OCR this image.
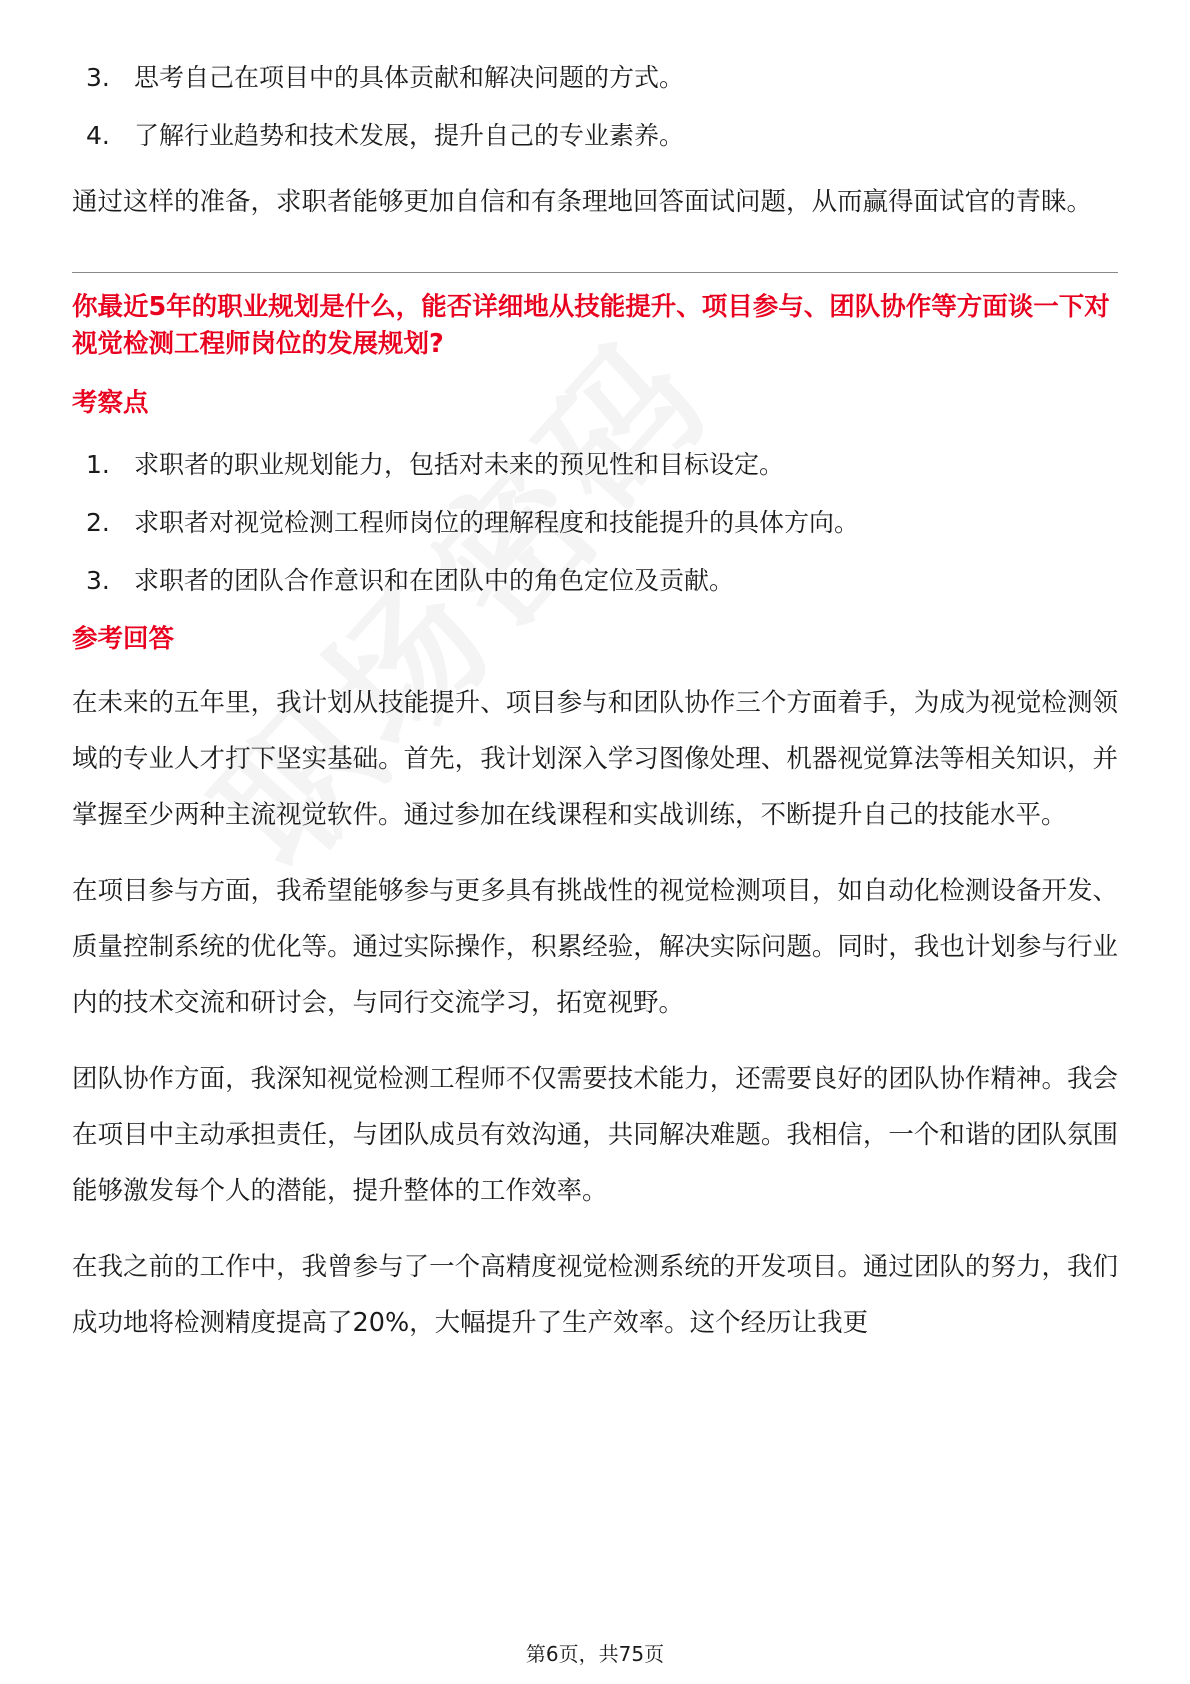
3. 思考自己在项目中的具体贡献和解决问题的方式。
4. 了解行业趋势和技术发展，提升自己的专业素养。

通过这样的准备，求职者能够更加自信和有条理地回答面试问题，从而赢得面试官的青睐。

你最近5年的职业规划是什么，能否详细地从技能提升、项目参与、团队协作等方面谈一下对视觉检测工程师岗位的发展规划?

考察点

1. 求职者的职业规划能力，包括对未来的预见性和目标设定。
2. 求职者对视觉检测工程师岗位的理解程度和技能提升的具体方向。
3. 求职者的团队合作意识和在团队中的角色定位及贡献。

参考回答

在未来的五年里，我计划从技能提升、项目参与和团队协作三个方面着手，为成为视觉检测领域的专业人才打下坚实基础。首先，我计划深入学习图像处理、机器视觉算法等相关知识，并掌握至少两种主流视觉软件。通过参加在线课程和实战训练，不断提升自己的技能水平。

在项目参与方面，我希望能够参与更多具有挑战性的视觉检测项目，如自动化检测设备开发、质量控制系统的优化等。通过实际操作，积累经验，解决实际问题。同时，我也计划参与行业内的技术交流和研讨会，与同行交流学习，拓宽视野。

团队协作方面，我深知视觉检测工程师不仅需要技术能力，还需要良好的团队协作精神。我会在项目中主动承担责任，与团队成员有效沟通，共同解决难题。我相信，一个和谐的团队氛围能够激发每个人的潜能，提升整体的工作效率。

在我之前的工作中，我曾参与了一个高精度视觉检测系统的开发项目。通过团队的努力，我们成功地将检测精度提高了20%，大幅提升了生产效率。这个经历让我更

第6页，共75页
